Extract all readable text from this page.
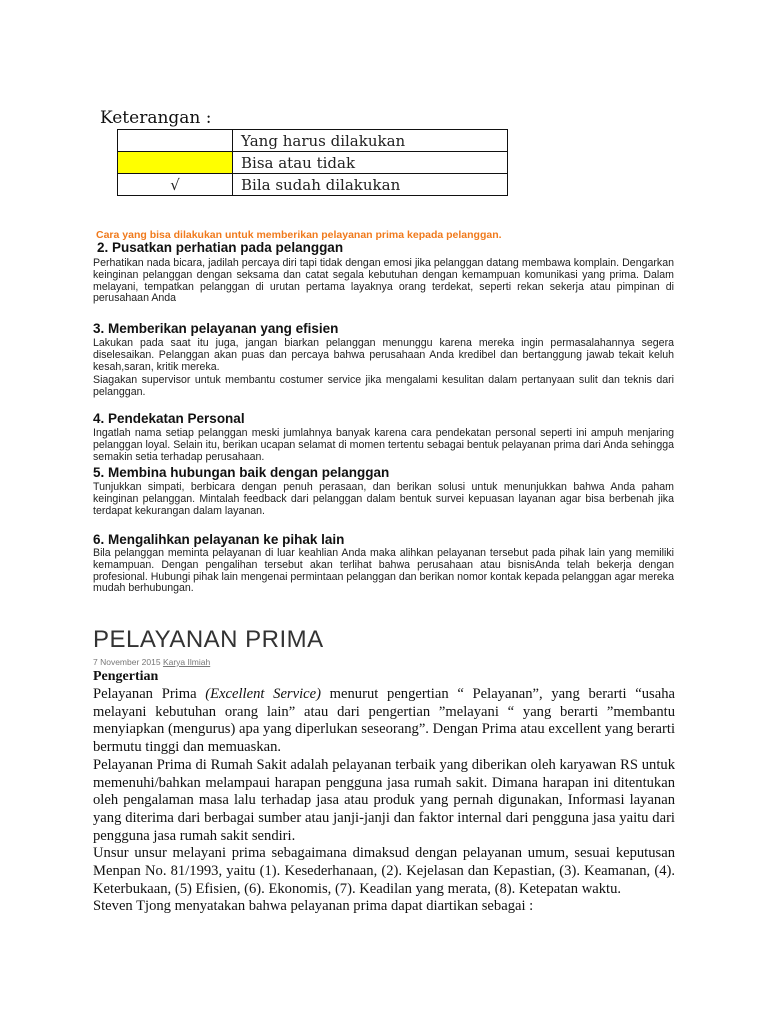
Keterangan :
	Yang harus dilakukan
	Bisa atau tidak
√	Bila sudah dilakukan
Cara yang bisa dilakukan untuk memberikan pelayanan prima kepada pelanggan.
2. Pusatkan perhatian pada pelanggan
Perhatikan nada bicara, jadilah percaya diri tapi tidak dengan emosi jika pelanggan datang membawa komplain. Dengarkan keinginan pelanggan dengan seksama dan catat segala kebutuhan dengan kemampuan komunikasi yang prima. Dalam melayani, tempatkan pelanggan di urutan pertama layaknya orang terdekat, seperti rekan sekerja atau pimpinan di perusahaan Anda
3. Memberikan pelayanan yang efisien
Lakukan pada saat itu juga, jangan biarkan pelanggan menunggu karena mereka ingin permasalahannya segera diselesaikan. Pelanggan akan puas dan percaya bahwa perusahaan Anda kredibel dan bertanggung jawab tekait keluh kesah,saran, kritik mereka.
Siagakan supervisor untuk membantu costumer service jika mengalami kesulitan dalam pertanyaan sulit dan teknis dari pelanggan.
4. Pendekatan Personal
Ingatlah nama setiap pelanggan meski jumlahnya banyak karena cara pendekatan personal seperti ini ampuh menjaring pelanggan loyal. Selain itu, berikan ucapan selamat di momen tertentu sebagai bentuk pelayanan prima dari Anda sehingga semakin setia terhadap perusahaan.
5. Membina hubungan baik dengan pelanggan
Tunjukkan simpati, berbicara dengan penuh perasaan, dan berikan solusi untuk menunjukkan bahwa Anda paham keinginan pelanggan. Mintalah feedback dari pelanggan dalam bentuk survei kepuasan layanan agar bisa berbenah jika terdapat kekurangan dalam layanan.
6. Mengalihkan pelayanan ke pihak lain
Bila pelanggan meminta pelayanan di luar keahlian Anda maka alihkan pelayanan tersebut pada pihak lain yang memiliki kemampuan. Dengan pengalihan tersebut akan terlihat bahwa perusahaan atau bisnisAnda telah bekerja dengan profesional. Hubungi pihak lain mengenai permintaan pelanggan dan berikan nomor kontak kepada pelanggan agar mereka mudah berhubungan.
PELAYANAN PRIMA
7 November 2015 Karya Ilmiah
Pengertian

Pelayanan Prima (Excellent Service) menurut pengertian “ Pelayanan”, yang berarti “usaha melayani kebutuhan orang lain” atau dari pengertian ”melayani “ yang berarti ”membantu menyiapkan (mengurus) apa yang diperlukan seseorang”. Dengan Prima atau excellent yang berarti bermutu tinggi dan memuaskan.

Pelayanan Prima di Rumah Sakit adalah pelayanan terbaik yang diberikan oleh karyawan RS untuk memenuhi/bahkan melampaui harapan pengguna jasa rumah sakit. Dimana harapan ini ditentukan oleh pengalaman masa lalu terhadap jasa atau produk yang pernah digunakan, Informasi layanan yang diterima dari berbagai sumber atau janji-janji dan faktor internal dari pengguna jasa yaitu dari pengguna jasa rumah sakit sendiri.

Unsur unsur melayani prima sebagaimana dimaksud dengan pelayanan umum, sesuai keputusan Menpan No. 81/1993, yaitu (1). Kesederhanaan, (2). Kejelasan dan Kepastian, (3). Keamanan, (4). Keterbukaan, (5) Efisien, (6). Ekonomis, (7). Keadilan yang merata, (8). Ketepatan waktu.

Steven Tjong menyatakan bahwa pelayanan prima dapat diartikan sebagai :
